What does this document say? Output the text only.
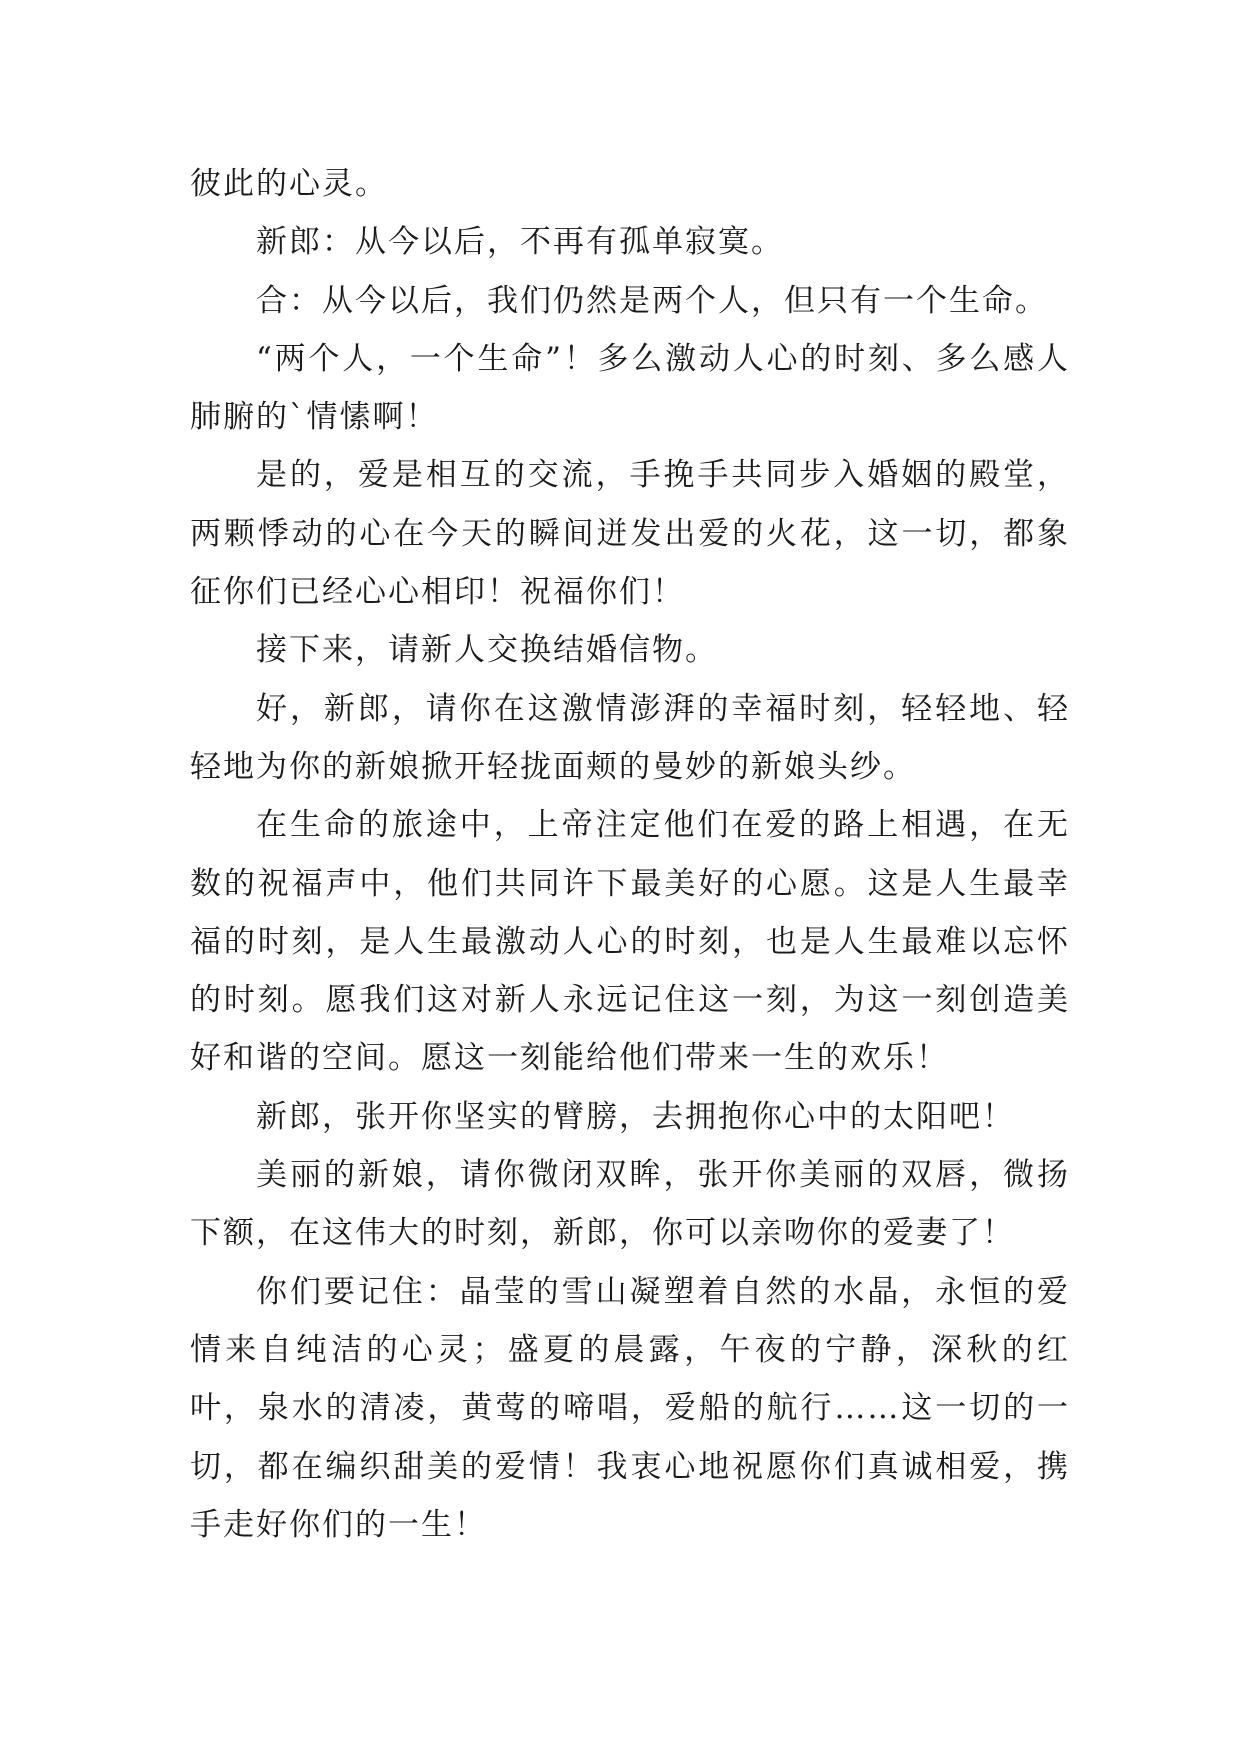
彼此的心灵。

新郎：从今以后，不再有孤单寂寞。

合：从今以后，我们仍然是两个人，但只有一个生命。

“两个人，一个生命”！多么激动人心的时刻、多么感人肺腑的`情愫啊！

是的，爱是相互的交流，手挽手共同步入婚姻的殿堂，两颗悸动的心在今天的瞬间迸发出爱的火花，这一切，都象征你们已经心心相印！祝福你们！

接下来，请新人交换结婚信物。

好，新郎，请你在这激情澎湃的幸福时刻，轻轻地、轻轻地为你的新娘掀开轻拢面颊的曼妙的新娘头纱。

在生命的旅途中，上帝注定他们在爱的路上相遇，在无数的祝福声中，他们共同许下最美好的心愿。这是人生最幸福的时刻，是人生最激动人心的时刻，也是人生最难以忘怀的时刻。愿我们这对新人永远记住这一刻，为这一刻创造美好和谐的空间。愿这一刻能给他们带来一生的欢乐！

新郎，张开你坚实的臂膀，去拥抱你心中的太阳吧！

美丽的新娘，请你微闭双眸，张开你美丽的双唇，微扬下额，在这伟大的时刻，新郎，你可以亲吻你的爱妻了！

你们要记住：晶莹的雪山凝塑着自然的水晶，永恒的爱情来自纯洁的心灵；盛夏的晨露，午夜的宁静，深秋的红叶，泉水的清凌，黄莺的啼唱，爱船的航行……这一切的一切，都在编织甜美的爱情！我衷心地祝愿你们真诚相爱，携手走好你们的一生！
